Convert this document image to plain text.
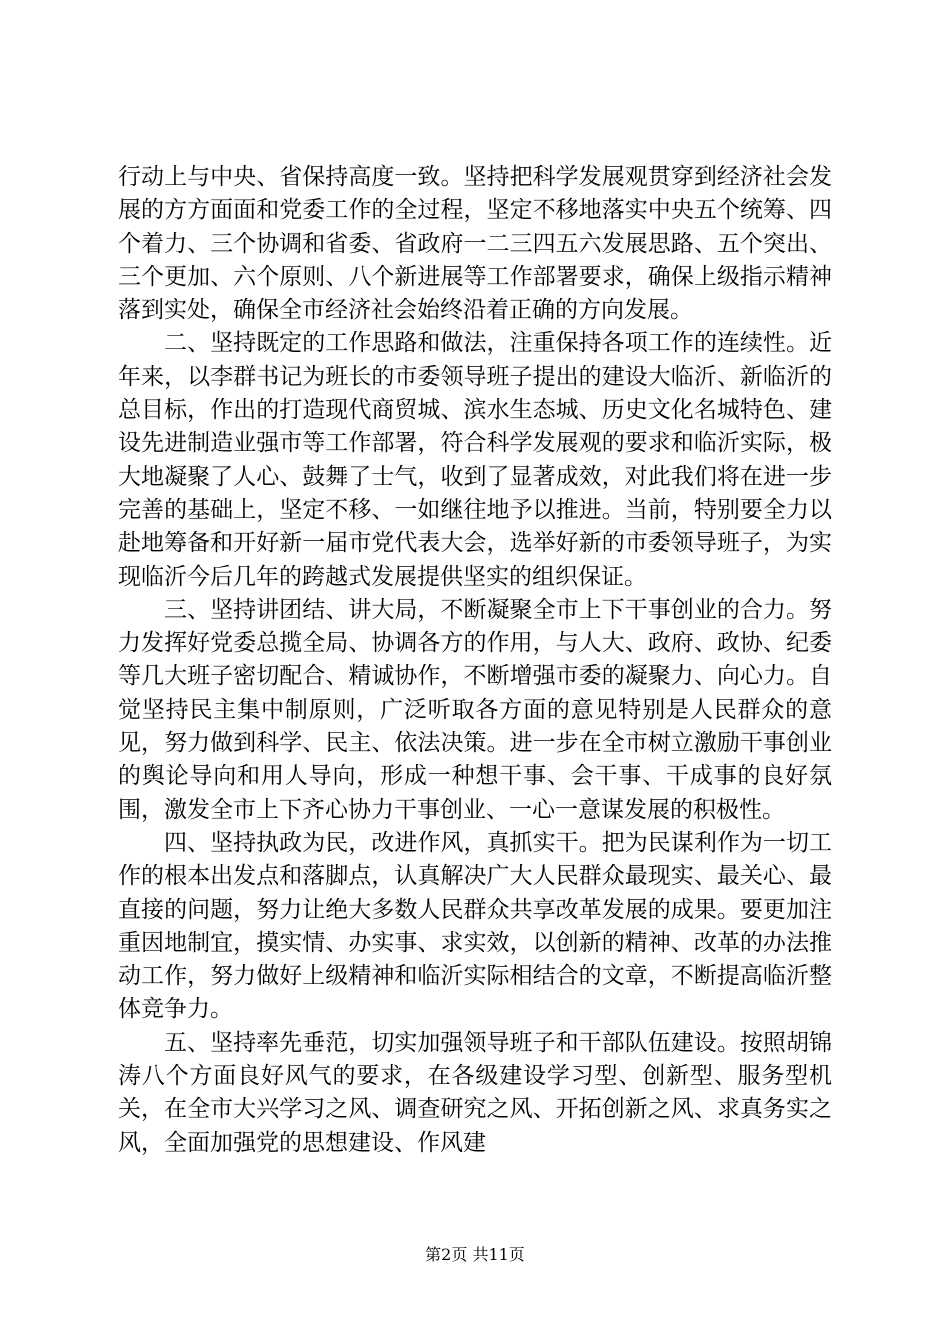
行动上与中央、省保持高度一致。坚持把科学发展观贯穿到经济社会发展的方方面面和党委工作的全过程，坚定不移地落实中央五个统筹、四个着力、三个协调和省委、省政府一二三四五六发展思路、五个突出、三个更加、六个原则、八个新进展等工作部署要求，确保上级指示精神落到实处，确保全市经济社会始终沿着正确的方向发展。

二、坚持既定的工作思路和做法，注重保持各项工作的连续性。近年来，以李群书记为班长的市委领导班子提出的建设大临沂、新临沂的总目标，作出的打造现代商贸城、滨水生态城、历史文化名城特色、建设先进制造业强市等工作部署，符合科学发展观的要求和临沂实际，极大地凝聚了人心、鼓舞了士气，收到了显著成效，对此我们将在进一步完善的基础上，坚定不移、一如继往地予以推进。当前，特别要全力以赴地筹备和开好新一届市党代表大会，选举好新的市委领导班子，为实现临沂今后几年的跨越式发展提供坚实的组织保证。

三、坚持讲团结、讲大局，不断凝聚全市上下干事创业的合力。努力发挥好党委总揽全局、协调各方的作用，与人大、政府、政协、纪委等几大班子密切配合、精诚协作，不断增强市委的凝聚力、向心力。自觉坚持民主集中制原则，广泛听取各方面的意见特别是人民群众的意见，努力做到科学、民主、依法决策。进一步在全市树立激励干事创业的舆论导向和用人导向，形成一种想干事、会干事、干成事的良好氛围，激发全市上下齐心协力干事创业、一心一意谋发展的积极性。

四、坚持执政为民，改进作风，真抓实干。把为民谋利作为一切工作的根本出发点和落脚点，认真解决广大人民群众最现实、最关心、最直接的问题，努力让绝大多数人民群众共享改革发展的成果。要更加注重因地制宜，摸实情、办实事、求实效，以创新的精神、改革的办法推动工作，努力做好上级精神和临沂实际相结合的文章，不断提高临沂整体竞争力。

五、坚持率先垂范，切实加强领导班子和干部队伍建设。按照胡锦涛八个方面良好风气的要求，在各级建设学习型、创新型、服务型机关，在全市大兴学习之风、调查研究之风、开拓创新之风、求真务实之风，全面加强党的思想建设、作风建

第2页 共11页
